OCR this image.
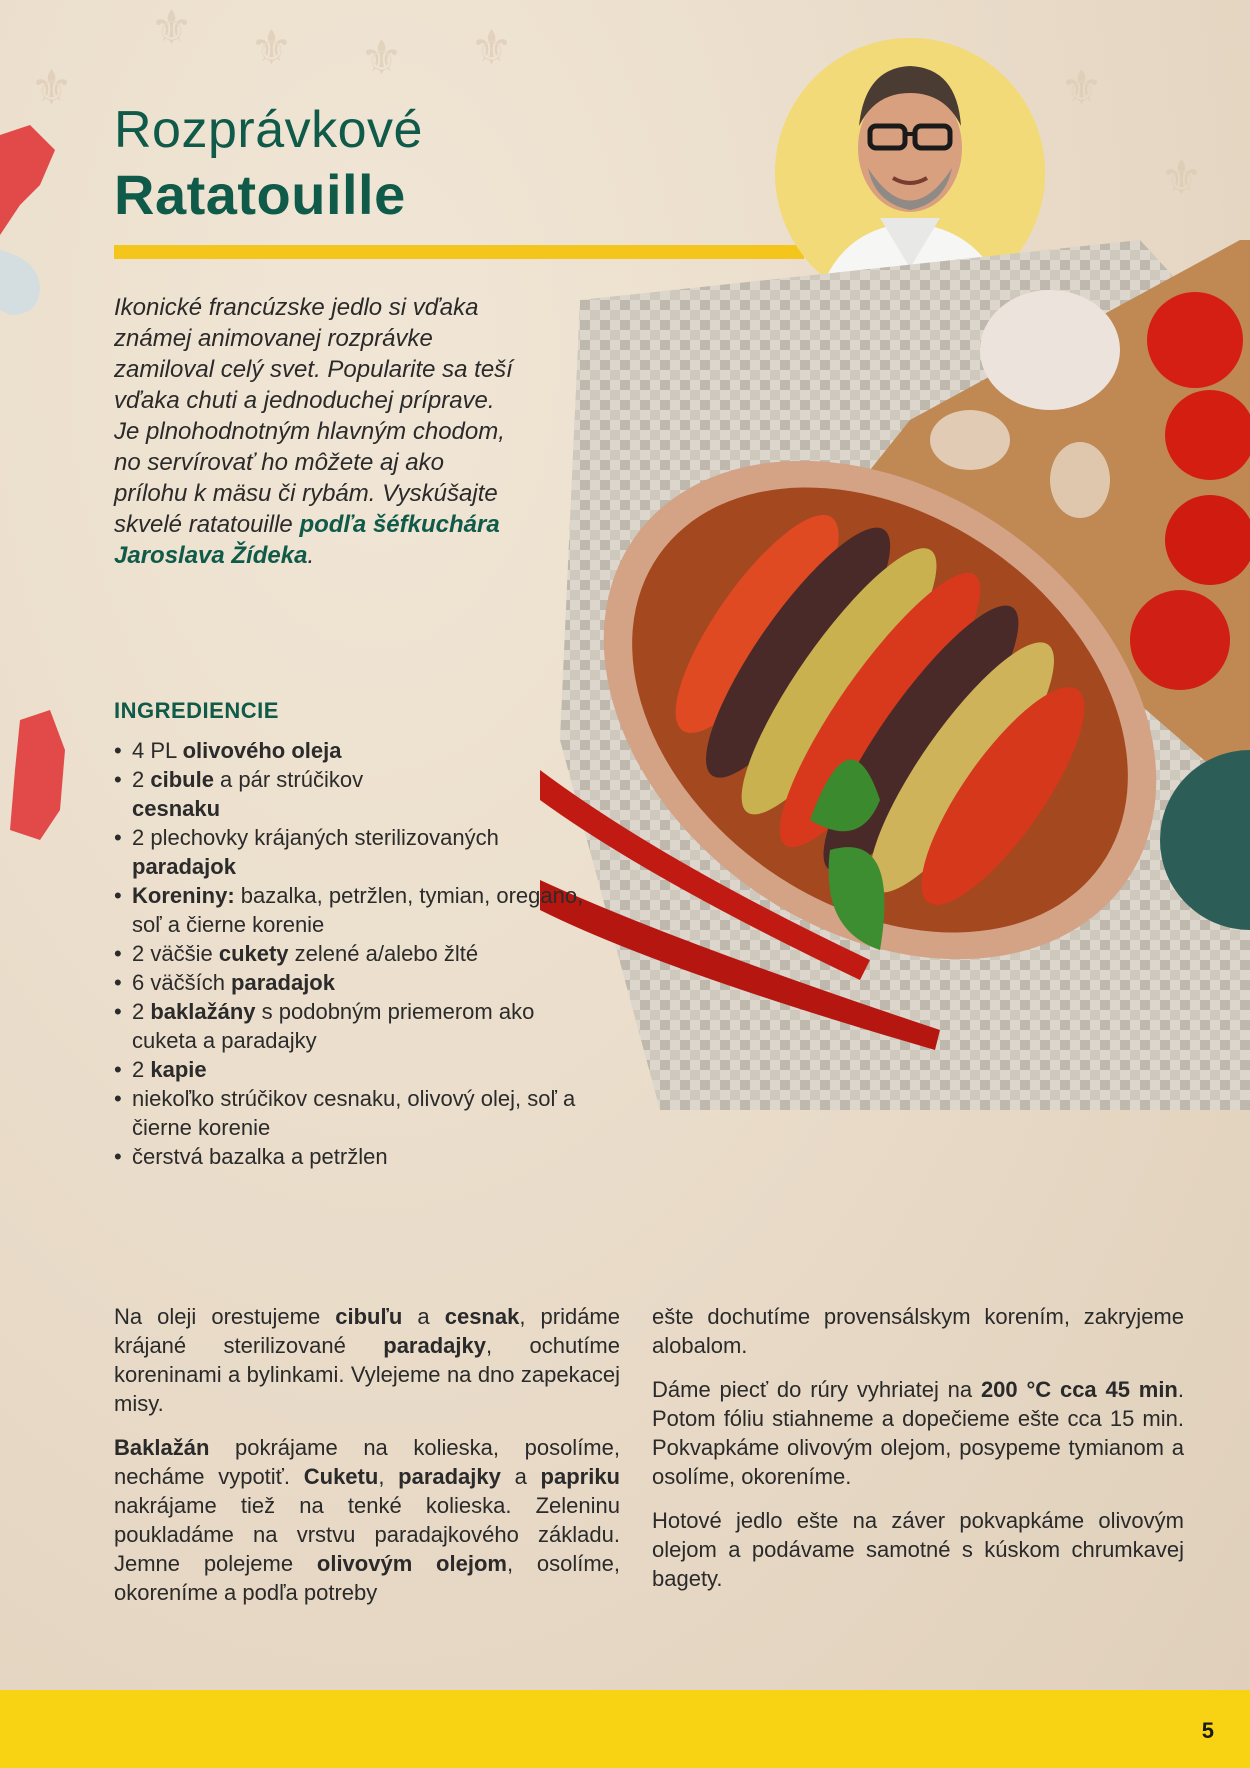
⚜ ⚜ ⚜ ⚜
⚜	⚜
⚜
Rozprávkové
Ratatouille
Ikonické francúzske jedlo si vďaka známej animovanej rozprávke zamiloval celý svet. Popularite sa teší vďaka chuti a jednoduchej príprave. Je plnohodnotným hlavným chodom, no servírovať ho môžete aj ako prílohu k mäsu či rybám. Vyskúšajte skvelé ratatouille podľa šéfkuchára Jaroslava Žídeka.
INGREDIENCIE
• 4 PL olivového oleja
• 2 cibule a pár strúčikov
cesnaku
• 2 plechovky krájaných sterilizovaných paradajok
• Koreniny: bazalka, petržlen, tymian, oregano, soľ a čierne korenie
• 2 väčšie cukety zelené a/alebo žlté
• 6 väčších paradajok
• 2 baklažány s podobným priemerom ako cuketa a paradajky
• 2 kapie
• niekoľko strúčikov cesnaku, olivový olej, soľ a čierne korenie
• čerstvá bazalka a petržlen

Na oleji orestujeme cibuľu a cesnak, pridáme krájané sterilizované paradajky, ochutíme koreninami a bylinkami. Vylejeme na dno zapekacej misy.

Baklažán pokrájame na kolieska, posolíme, necháme vypotiť. Cuketu, paradajky a papriku nakrájame tiež na tenké kolieska. Zeleninu poukladáme na vrstvu paradajkového základu. Jemne polejeme olivovým olejom, osolíme, okoreníme a podľa potreby

ešte dochutíme provensálskym korením, zakryjeme alobalom.

Dáme piecť do rúry vyhriatej na 200 °C cca 45 min. Potom fóliu stiahneme a dopečieme ešte cca 15 min. Pokvapkáme olivovým olejom, posypeme tymianom a osolíme, okoreníme.

Hotové jedlo ešte na záver pokvapkáme olivovým olejom a podávame samotné s kúskom chrumkavej bagety.

5
